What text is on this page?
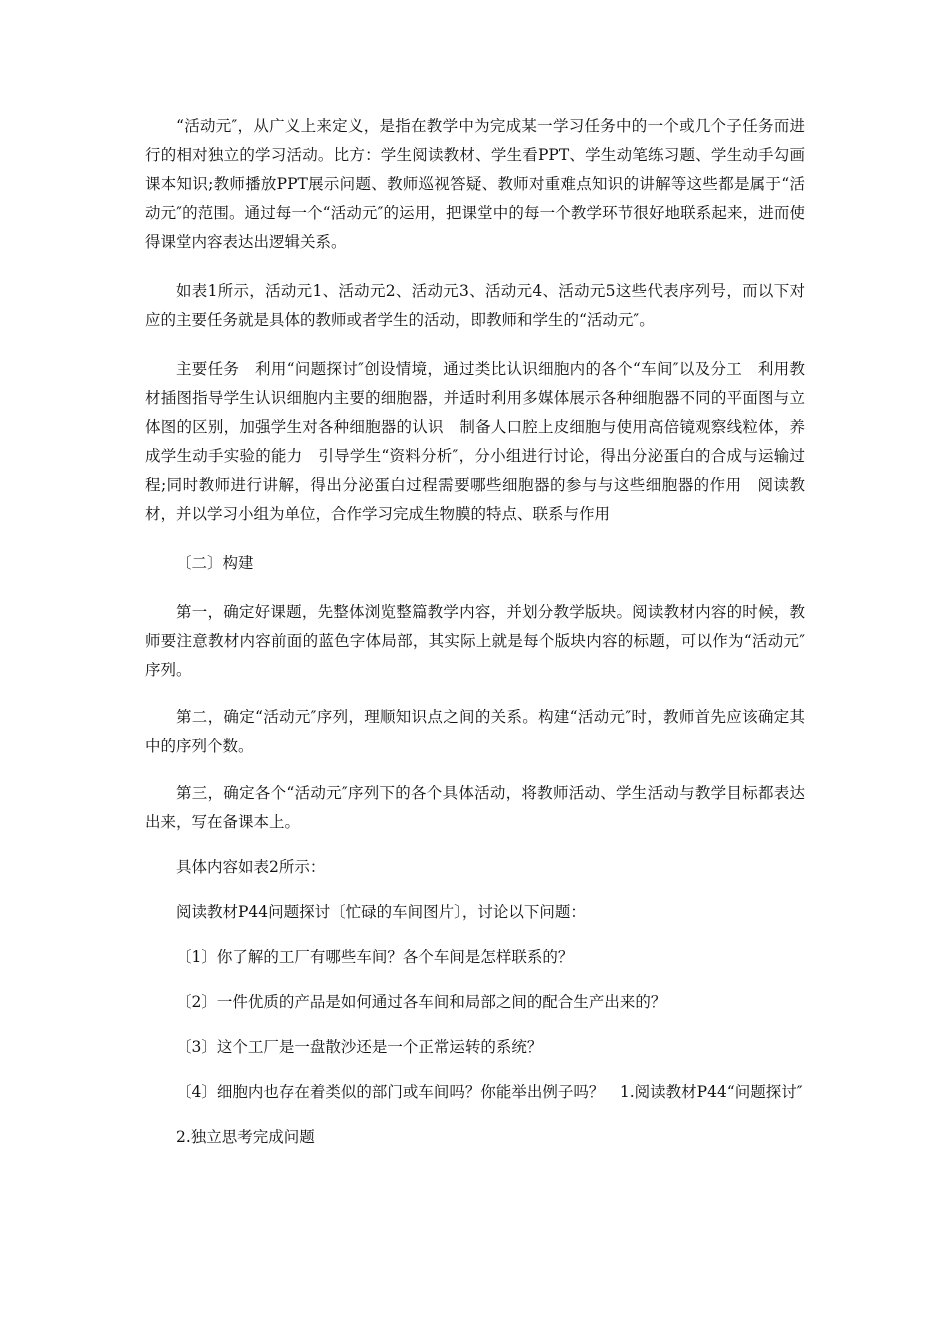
“活动元″，从广义上来定义，是指在教学中为完成某一学习任务中的一个或几个子任务而进行的相对独立的学习活动。比方：学生阅读教材、学生看PPT、学生动笔练习题、学生动手勾画课本知识;教师播放PPT展示问题、教师巡视答疑、教师对重难点知识的讲解等这些都是属于“活动元″的范围。通过每一个“活动元″的运用，把课堂中的每一个教学环节很好地联系起来，进而使得课堂内容表达出逻辑关系。

如表1所示，活动元1、活动元2、活动元3、活动元4、活动元5这些代表序列号，而以下对应的主要任务就是具体的教师或者学生的活动，即教师和学生的“活动元″。

主要任务　利用“问题探讨″创设情境，通过类比认识细胞内的各个“车间″以及分工　利用教材插图指导学生认识细胞内主要的细胞器，并适时利用多媒体展示各种细胞器不同的平面图与立体图的区别，加强学生对各种细胞器的认识　制备人口腔上皮细胞与使用高倍镜观察线粒体，养成学生动手实验的能力　引导学生“资料分析″，分小组进行讨论，得出分泌蛋白的合成与运输过程;同时教师进行讲解，得出分泌蛋白过程需要哪些细胞器的参与与这些细胞器的作用　阅读教材，并以学习小组为单位，合作学习完成生物膜的特点、联系与作用

〔二〕构建

第一，确定好课题，先整体浏览整篇教学内容，并划分教学版块。阅读教材内容的时候，教师要注意教材内容前面的蓝色字体局部，其实际上就是每个版块内容的标题，可以作为“活动元″序列。

第二，确定“活动元″序列，理顺知识点之间的关系。构建“活动元″时，教师首先应该确定其中的序列个数。

第三，确定各个“活动元″序列下的各个具体活动，将教师活动、学生活动与教学目标都表达出来，写在备课本上。

具体内容如表2所示：

阅读教材P44问题探讨〔忙碌的车间图片〕，讨论以下问题：

〔1〕你了解的工厂有哪些车间？各个车间是怎样联系的？

〔2〕一件优质的产品是如何通过各车间和局部之间的配合生产出来的？

〔3〕这个工厂是一盘散沙还是一个正常运转的系统？

〔4〕细胞内也存在着类似的部门或车间吗？你能举出例子吗？　1.阅读教材P44“问题探讨″

2.独立思考完成问题
